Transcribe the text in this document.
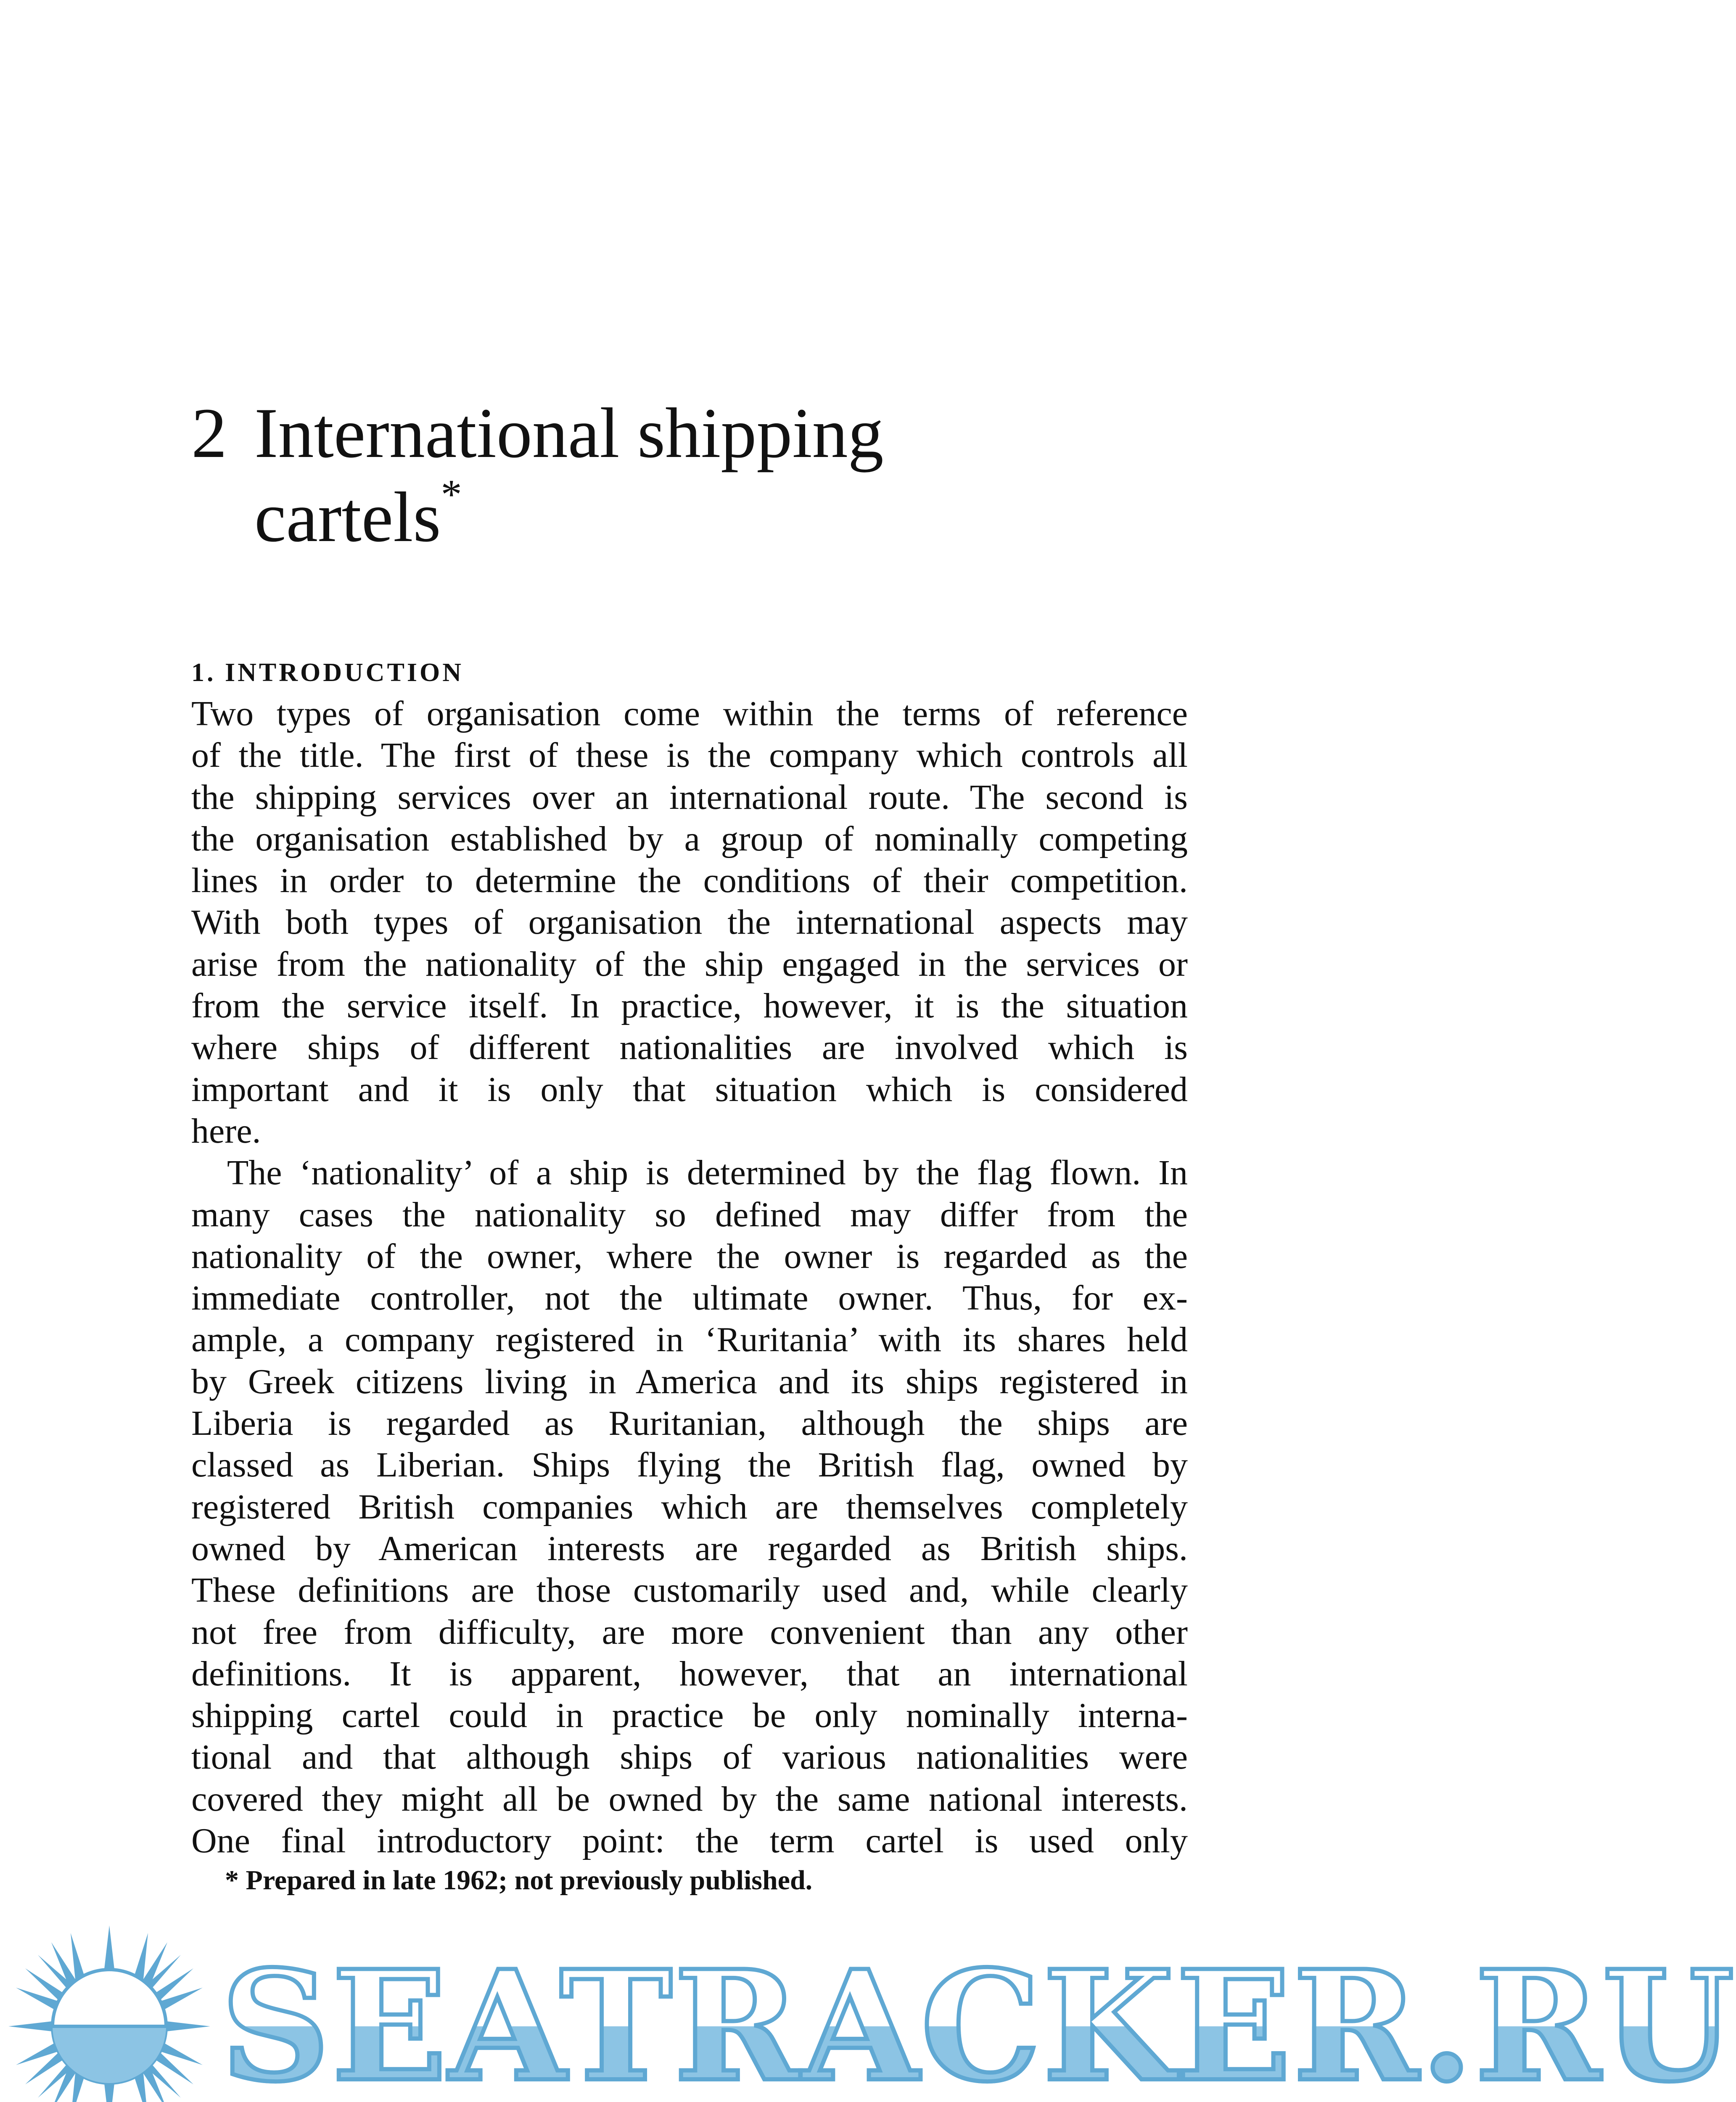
2 International shipping
cartels*
1. INTRODUCTION
Two types of organisation come within the terms of reference
of the title. The first of these is the company which controls all
the shipping services over an international route. The second is
the organisation established by a group of nominally competing
lines in order to determine the conditions of their competition.
With both types of organisation the international aspects may
arise from the nationality of the ship engaged in the services or
from the service itself. In practice, however, it is the situation
where ships of different nationalities are involved which is
important and it is only that situation which is considered
here.
The ‘nationality’ of a ship is determined by the flag flown. In
many cases the nationality so defined may differ from the
nationality of the owner, where the owner is regarded as the
immediate controller, not the ultimate owner. Thus, for ex-
ample, a company registered in ‘Ruritania’ with its shares held
by Greek citizens living in America and its ships registered in
Liberia is regarded as Ruritanian, although the ships are
classed as Liberian. Ships flying the British flag, owned by
registered British companies which are themselves completely
owned by American interests are regarded as British ships.
These definitions are those customarily used and, while clearly
not free from difficulty, are more convenient than any other
definitions. It is apparent, however, that an international
shipping cartel could in practice be only nominally interna-
tional and that although ships of various nationalities were
covered they might all be owned by the same national interests.
One final introductory point: the term cartel is used only
* Prepared in late 1962; not previously published.
SEATRACKER.RU
